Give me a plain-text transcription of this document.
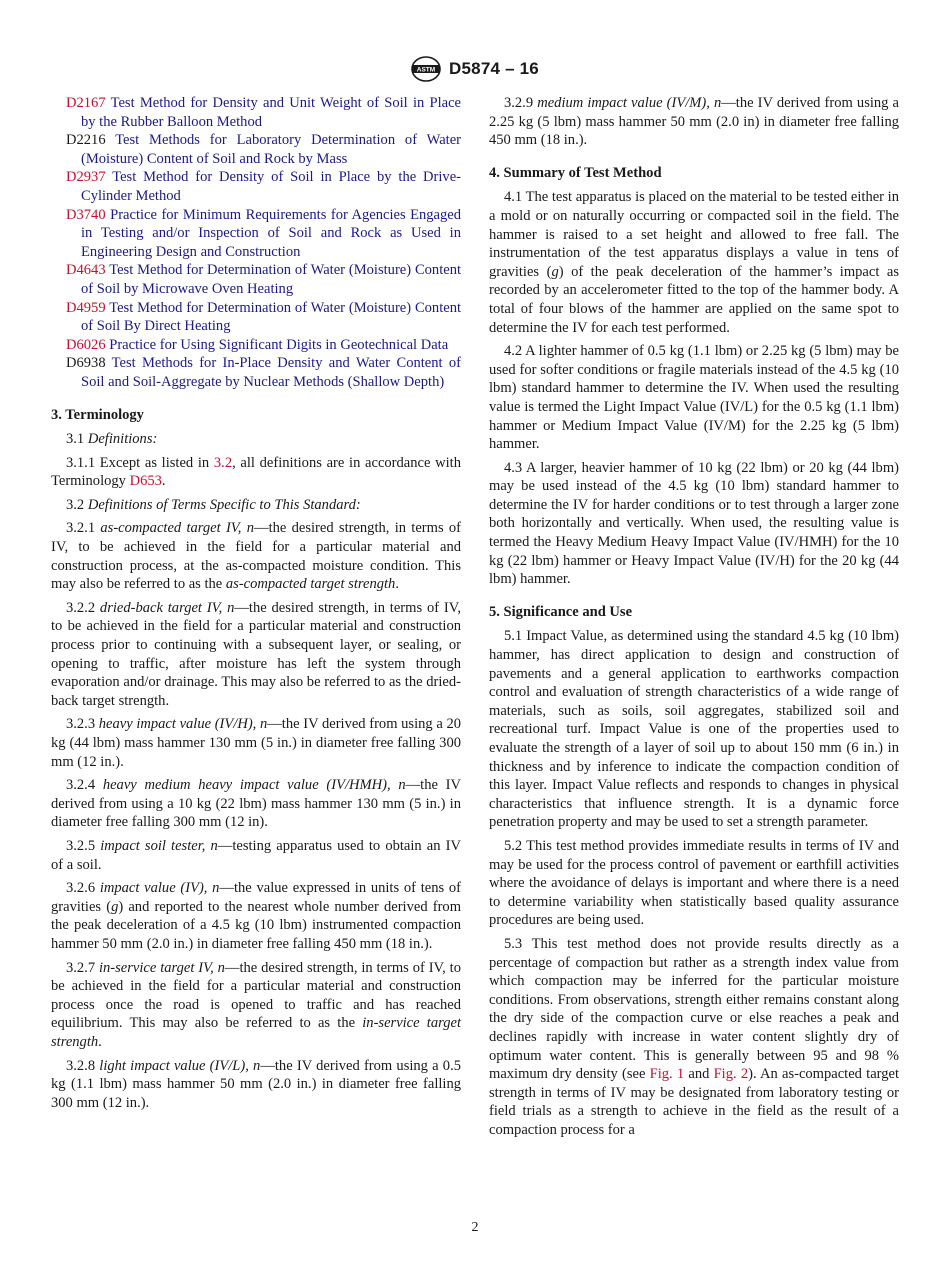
ASTM D5874 – 16

D2167 Test Method for Density and Unit Weight of Soil in Place by the Rubber Balloon Method

D2216 Test Methods for Laboratory Determination of Water (Moisture) Content of Soil and Rock by Mass

D2937 Test Method for Density of Soil in Place by the Drive-Cylinder Method

D3740 Practice for Minimum Requirements for Agencies Engaged in Testing and/or Inspection of Soil and Rock as Used in Engineering Design and Construction

D4643 Test Method for Determination of Water (Moisture) Content of Soil by Microwave Oven Heating

D4959 Test Method for Determination of Water (Moisture) Content of Soil By Direct Heating

D6026 Practice for Using Significant Digits in Geotechnical Data

D6938 Test Methods for In-Place Density and Water Content of Soil and Soil-Aggregate by Nuclear Methods (Shallow Depth)

3. Terminology

3.1 Definitions:

3.1.1 Except as listed in 3.2, all definitions are in accordance with Terminology D653.

3.2 Definitions of Terms Specific to This Standard:

3.2.1 as-compacted target IV, n—the desired strength, in terms of IV, to be achieved in the field for a particular material and construction process, at the as-compacted moisture condition. This may also be referred to as the as-compacted target strength.

3.2.2 dried-back target IV, n—the desired strength, in terms of IV, to be achieved in the field for a particular material and construction process prior to continuing with a subsequent layer, or sealing, or opening to traffic, after moisture has left the system through evaporation and/or drainage. This may also be referred to as the dried-back target strength.

3.2.3 heavy impact value (IV/H), n—the IV derived from using a 20 kg (44 lbm) mass hammer 130 mm (5 in.) in diameter free falling 300 mm (12 in.).

3.2.4 heavy medium heavy impact value (IV/HMH), n—the IV derived from using a 10 kg (22 lbm) mass hammer 130 mm (5 in.) in diameter free falling 300 mm (12 in).

3.2.5 impact soil tester, n—testing apparatus used to obtain an IV of a soil.

3.2.6 impact value (IV), n—the value expressed in units of tens of gravities (g) and reported to the nearest whole number derived from the peak deceleration of a 4.5 kg (10 lbm) instrumented compaction hammer 50 mm (2.0 in.) in diameter free falling 450 mm (18 in.).

3.2.7 in-service target IV, n—the desired strength, in terms of IV, to be achieved in the field for a particular material and construction process once the road is opened to traffic and has reached equilibrium. This may also be referred to as the in-service target strength.

3.2.8 light impact value (IV/L), n—the IV derived from using a 0.5 kg (1.1 lbm) mass hammer 50 mm (2.0 in.) in diameter free falling 300 mm (12 in.).

3.2.9 medium impact value (IV/M), n—the IV derived from using a 2.25 kg (5 lbm) mass hammer 50 mm (2.0 in) in diameter free falling 450 mm (18 in.).

4. Summary of Test Method

4.1 The test apparatus is placed on the material to be tested either in a mold or on naturally occurring or compacted soil in the field. The hammer is raised to a set height and allowed to free fall. The instrumentation of the test apparatus displays a value in tens of gravities (g) of the peak deceleration of the hammer’s impact as recorded by an accelerometer fitted to the top of the hammer body. A total of four blows of the hammer are applied on the same spot to determine the IV for each test performed.

4.2 A lighter hammer of 0.5 kg (1.1 lbm) or 2.25 kg (5 lbm) may be used for softer conditions or fragile materials instead of the 4.5 kg (10 lbm) standard hammer to determine the IV. When used the resulting value is termed the Light Impact Value (IV/L) for the 0.5 kg (1.1 lbm) hammer or Medium Impact Value (IV/M) for the 2.25 kg (5 lbm) hammer.

4.3 A larger, heavier hammer of 10 kg (22 lbm) or 20 kg (44 lbm) may be used instead of the 4.5 kg (10 lbm) standard hammer to determine the IV for harder conditions or to test through a larger zone both horizontally and vertically. When used, the resulting value is termed the Heavy Medium Heavy Impact Value (IV/HMH) for the 10 kg (22 lbm) hammer or Heavy Impact Value (IV/H) for the 20 kg (44 lbm) hammer.

5. Significance and Use

5.1 Impact Value, as determined using the standard 4.5 kg (10 lbm) hammer, has direct application to design and construction of pavements and a general application to earthworks compaction control and evaluation of strength characteristics of a wide range of materials, such as soils, soil aggregates, stabilized soil and recreational turf. Impact Value is one of the properties used to evaluate the strength of a layer of soil up to about 150 mm (6 in.) in thickness and by inference to indicate the compaction condition of this layer. Impact Value reflects and responds to changes in physical characteristics that influence strength. It is a dynamic force penetration property and may be used to set a strength parameter.

5.2 This test method provides immediate results in terms of IV and may be used for the process control of pavement or earthfill activities where the avoidance of delays is important and where there is a need to determine variability when statistically based quality assurance procedures are being used.

5.3 This test method does not provide results directly as a percentage of compaction but rather as a strength index value from which compaction may be inferred for the particular moisture conditions. From observations, strength either remains constant along the dry side of the compaction curve or else reaches a peak and declines rapidly with increase in water content slightly dry of optimum water content. This is generally between 95 and 98 % maximum dry density (see Fig. 1 and Fig. 2). An as-compacted target strength in terms of IV may be designated from laboratory testing or field trials as a strength to achieve in the field as the result of a compaction process for a

2
